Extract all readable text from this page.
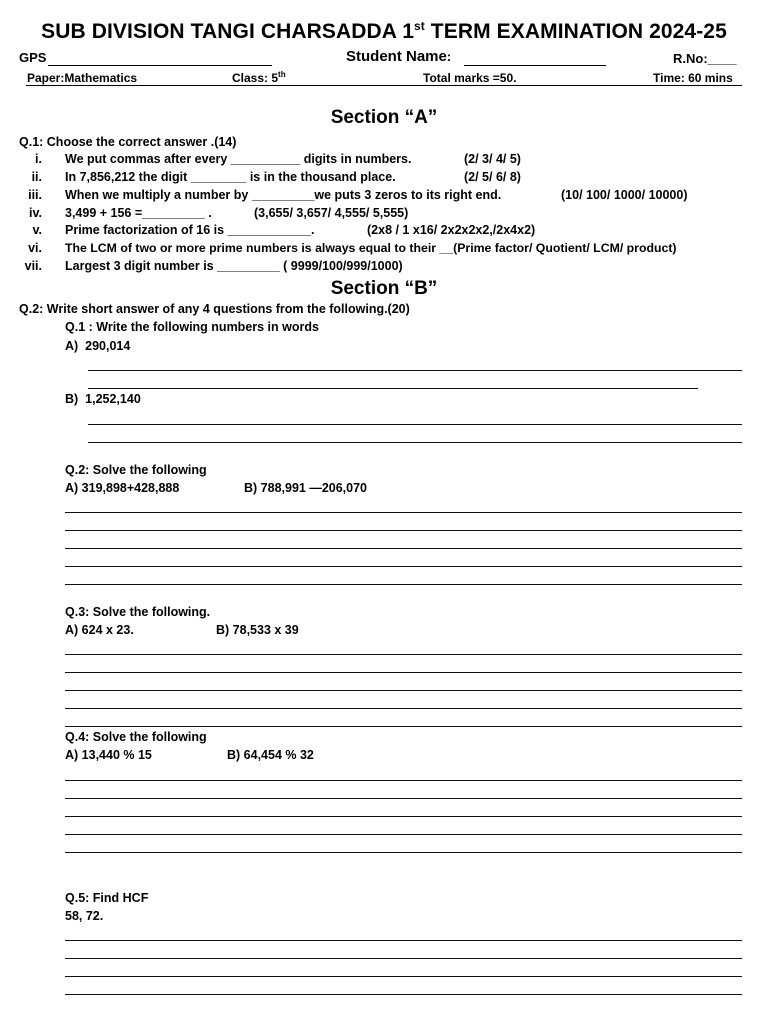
SUB DIVISION TANGI CHARSADDA 1st TERM EXAMINATION 2024-25
GPS	Student Name:	R.No:____
Paper:Mathematics	Class: 5th	Total marks =50.	Time: 60 mins
Section “A”
Q.1: Choose the correct answer .(14)
i. We put commas after every __________ digits in numbers.	(2/ 3/ 4/ 5)
ii. In 7,856,212 the digit ________ is in the thousand place.	(2/ 5/ 6/ 8)
iii. When we multiply a number by _________we puts 3 zeros to its right end.	(10/ 100/ 1000/ 10000)
iv. 3,499 + 156 =_________ .	(3,655/ 3,657/ 4,555/ 5,555)
v. Prime factorization of 16 is ____________.	(2x8 / 1 x16/ 2x2x2x2,/2x4x2)
vi. The LCM of two or more prime numbers is always equal to their __(Prime factor/ Quotient/ LCM/ product)
vii. Largest 3 digit number is _________ ( 9999/100/999/1000)
Section “B”
Q.2: Write short answer of any 4 questions from the following.(20)
Q.1 : Write the following numbers in words
A) 290,014
B) 1,252,140
Q.2: Solve the following
A) 319,898+428,888	B) 788,991 —206,070
Q.3: Solve the following.
A) 624 x 23.	B) 78,533 x 39
Q.4: Solve the following
A) 13,440 % 15	B) 64,454 % 32
Q.5: Find HCF
58, 72.
